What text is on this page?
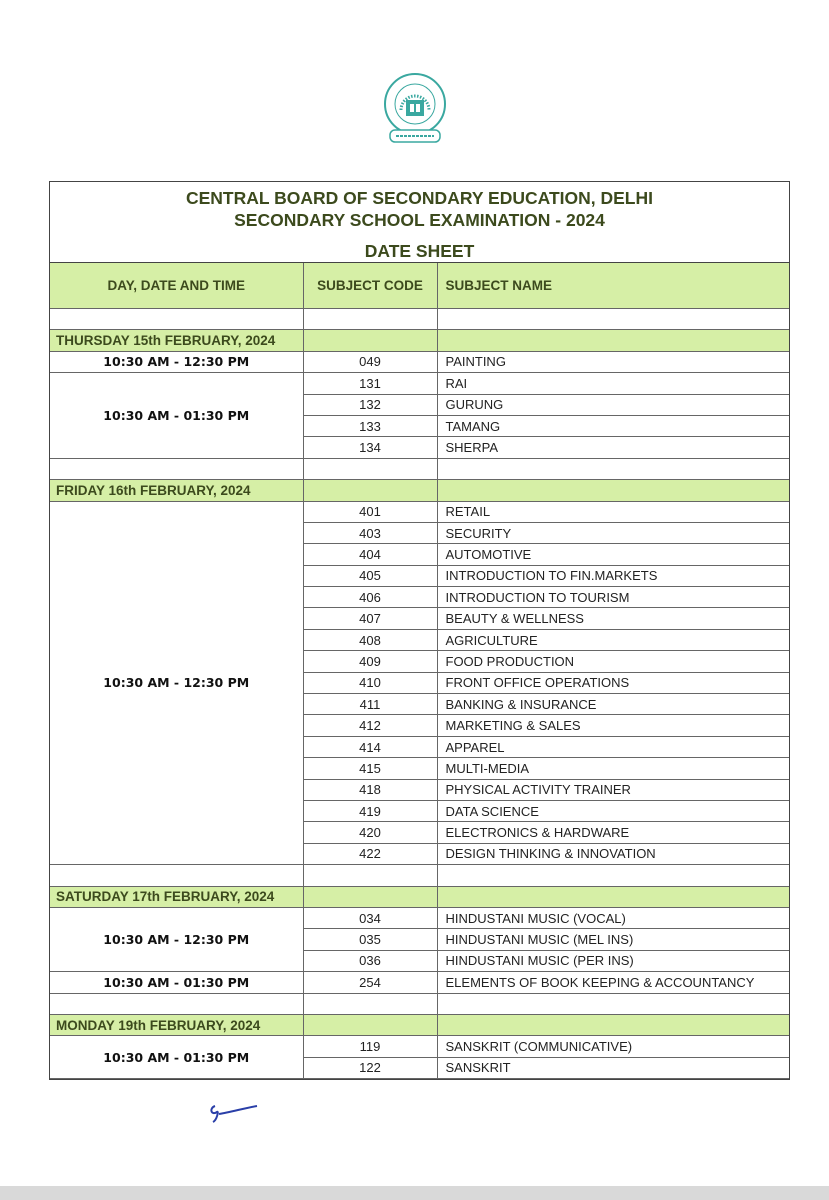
CENTRAL BOARD OF SECONDARY EDUCATION, DELHI
SECONDARY SCHOOL EXAMINATION - 2024
DATE SHEET
DAY, DATE AND TIME	SUBJECT CODE	SUBJECT NAME

THURSDAY 15th FEBRUARY, 2024		
10:30 AM - 12:30 PM	049	PAINTING
10:30 AM - 01:30 PM	131	RAI
	132	GURUNG
	133	TAMANG
	134	SHERPA

FRIDAY 16th FEBRUARY, 2024		
10:30 AM - 12:30 PM	401	RETAIL
	403	SECURITY
	404	AUTOMOTIVE
	405	INTRODUCTION TO FIN.MARKETS
	406	INTRODUCTION TO TOURISM
	407	BEAUTY & WELLNESS
	408	AGRICULTURE
	409	FOOD PRODUCTION
	410	FRONT OFFICE OPERATIONS
	411	BANKING & INSURANCE
	412	MARKETING & SALES
	414	APPAREL
	415	MULTI-MEDIA
	418	PHYSICAL ACTIVITY TRAINER
	419	DATA SCIENCE
	420	ELECTRONICS & HARDWARE
	422	DESIGN THINKING & INNOVATION

SATURDAY 17th FEBRUARY, 2024		
10:30 AM - 12:30 PM	034	HINDUSTANI MUSIC (VOCAL)
	035	HINDUSTANI MUSIC (MEL INS)
	036	HINDUSTANI MUSIC (PER INS)
10:30 AM - 01:30 PM	254	ELEMENTS OF BOOK KEEPING & ACCOUNTANCY

MONDAY 19th FEBRUARY, 2024		
10:30 AM - 01:30 PM	119	SANSKRIT (COMMUNICATIVE)
	122	SANSKRIT
